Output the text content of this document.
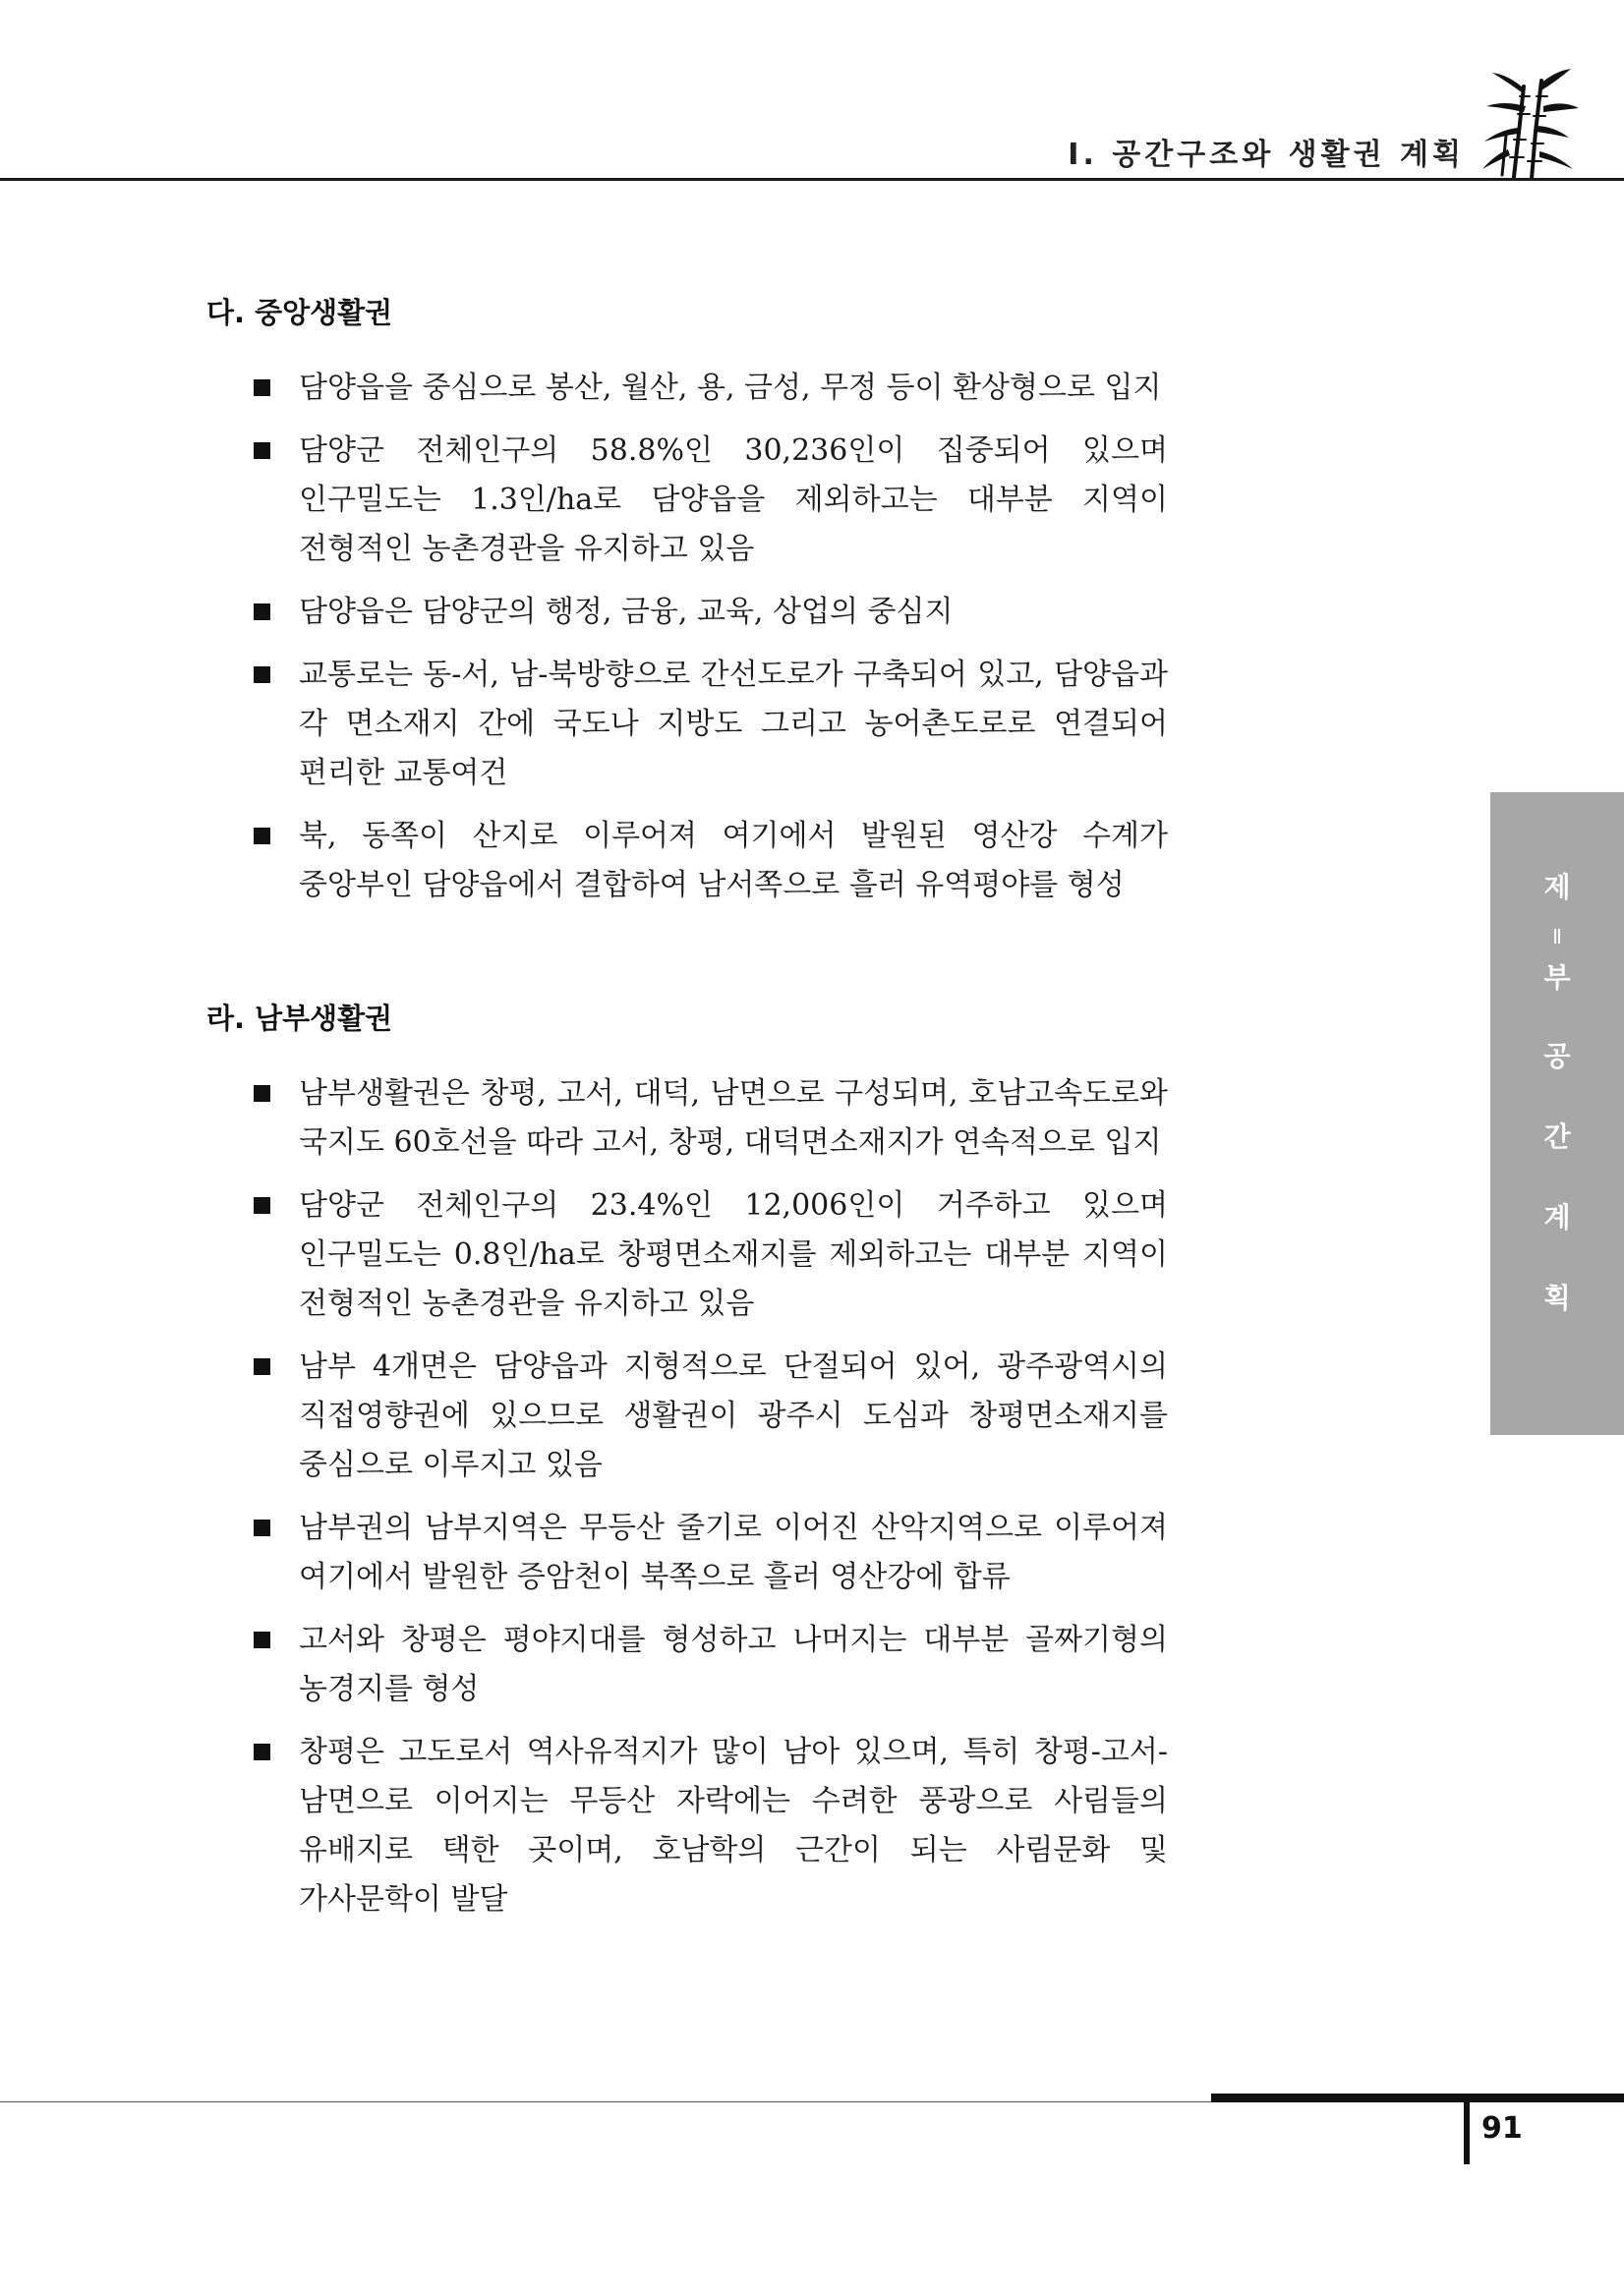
Ⅰ. 공간구조와 생활권 계획
제
Ⅱ
부
공
간
계
획
다. 중앙생활권
담양읍을 중심으로 봉산, 월산, 용, 금성, 무정 등이 환상형으로 입지
담양군 전체인구의 58.8%인 30,236인이 집중되어 있으며 인구밀도는 1.3인/ha로 담양읍을 제외하고는 대부분 지역이 전형적인 농촌경관을 유지하고 있음
담양읍은 담양군의 행정, 금융, 교육, 상업의 중심지
교통로는 동-서, 남-북방향으로 간선도로가 구축되어 있고, 담양읍과 각 면소재지 간에 국도나 지방도 그리고 농어촌도로로 연결되어 편리한 교통여건
북, 동쪽이 산지로 이루어져 여기에서 발원된 영산강 수계가 중앙부인 담양읍에서 결합하여 남서쪽으로 흘러 유역평야를 형성
라. 남부생활권
남부생활권은 창평, 고서, 대덕, 남면으로 구성되며, 호남고속도로와 국지도 60호선을 따라 고서, 창평, 대덕면소재지가 연속적으로 입지
담양군 전체인구의 23.4%인 12,006인이 거주하고 있으며 인구밀도는 0.8인/ha로 창평면소재지를 제외하고는 대부분 지역이 전형적인 농촌경관을 유지하고 있음
남부 4개면은 담양읍과 지형적으로 단절되어 있어, 광주광역시의 직접영향권에 있으므로 생활권이 광주시 도심과 창평면소재지를 중심으로 이루지고 있음
남부권의 남부지역은 무등산 줄기로 이어진 산악지역으로 이루어져 여기에서 발원한 증암천이 북쪽으로 흘러 영산강에 합류
고서와 창평은 평야지대를 형성하고 나머지는 대부분 골짜기형의 농경지를 형성
창평은 고도로서 역사유적지가 많이 남아 있으며, 특히 창평-고서-남면으로 이어지는 무등산 자락에는 수려한 풍광으로 사림들의 유배지로 택한 곳이며, 호남학의 근간이 되는 사림문화 및 가사문학이 발달
91
